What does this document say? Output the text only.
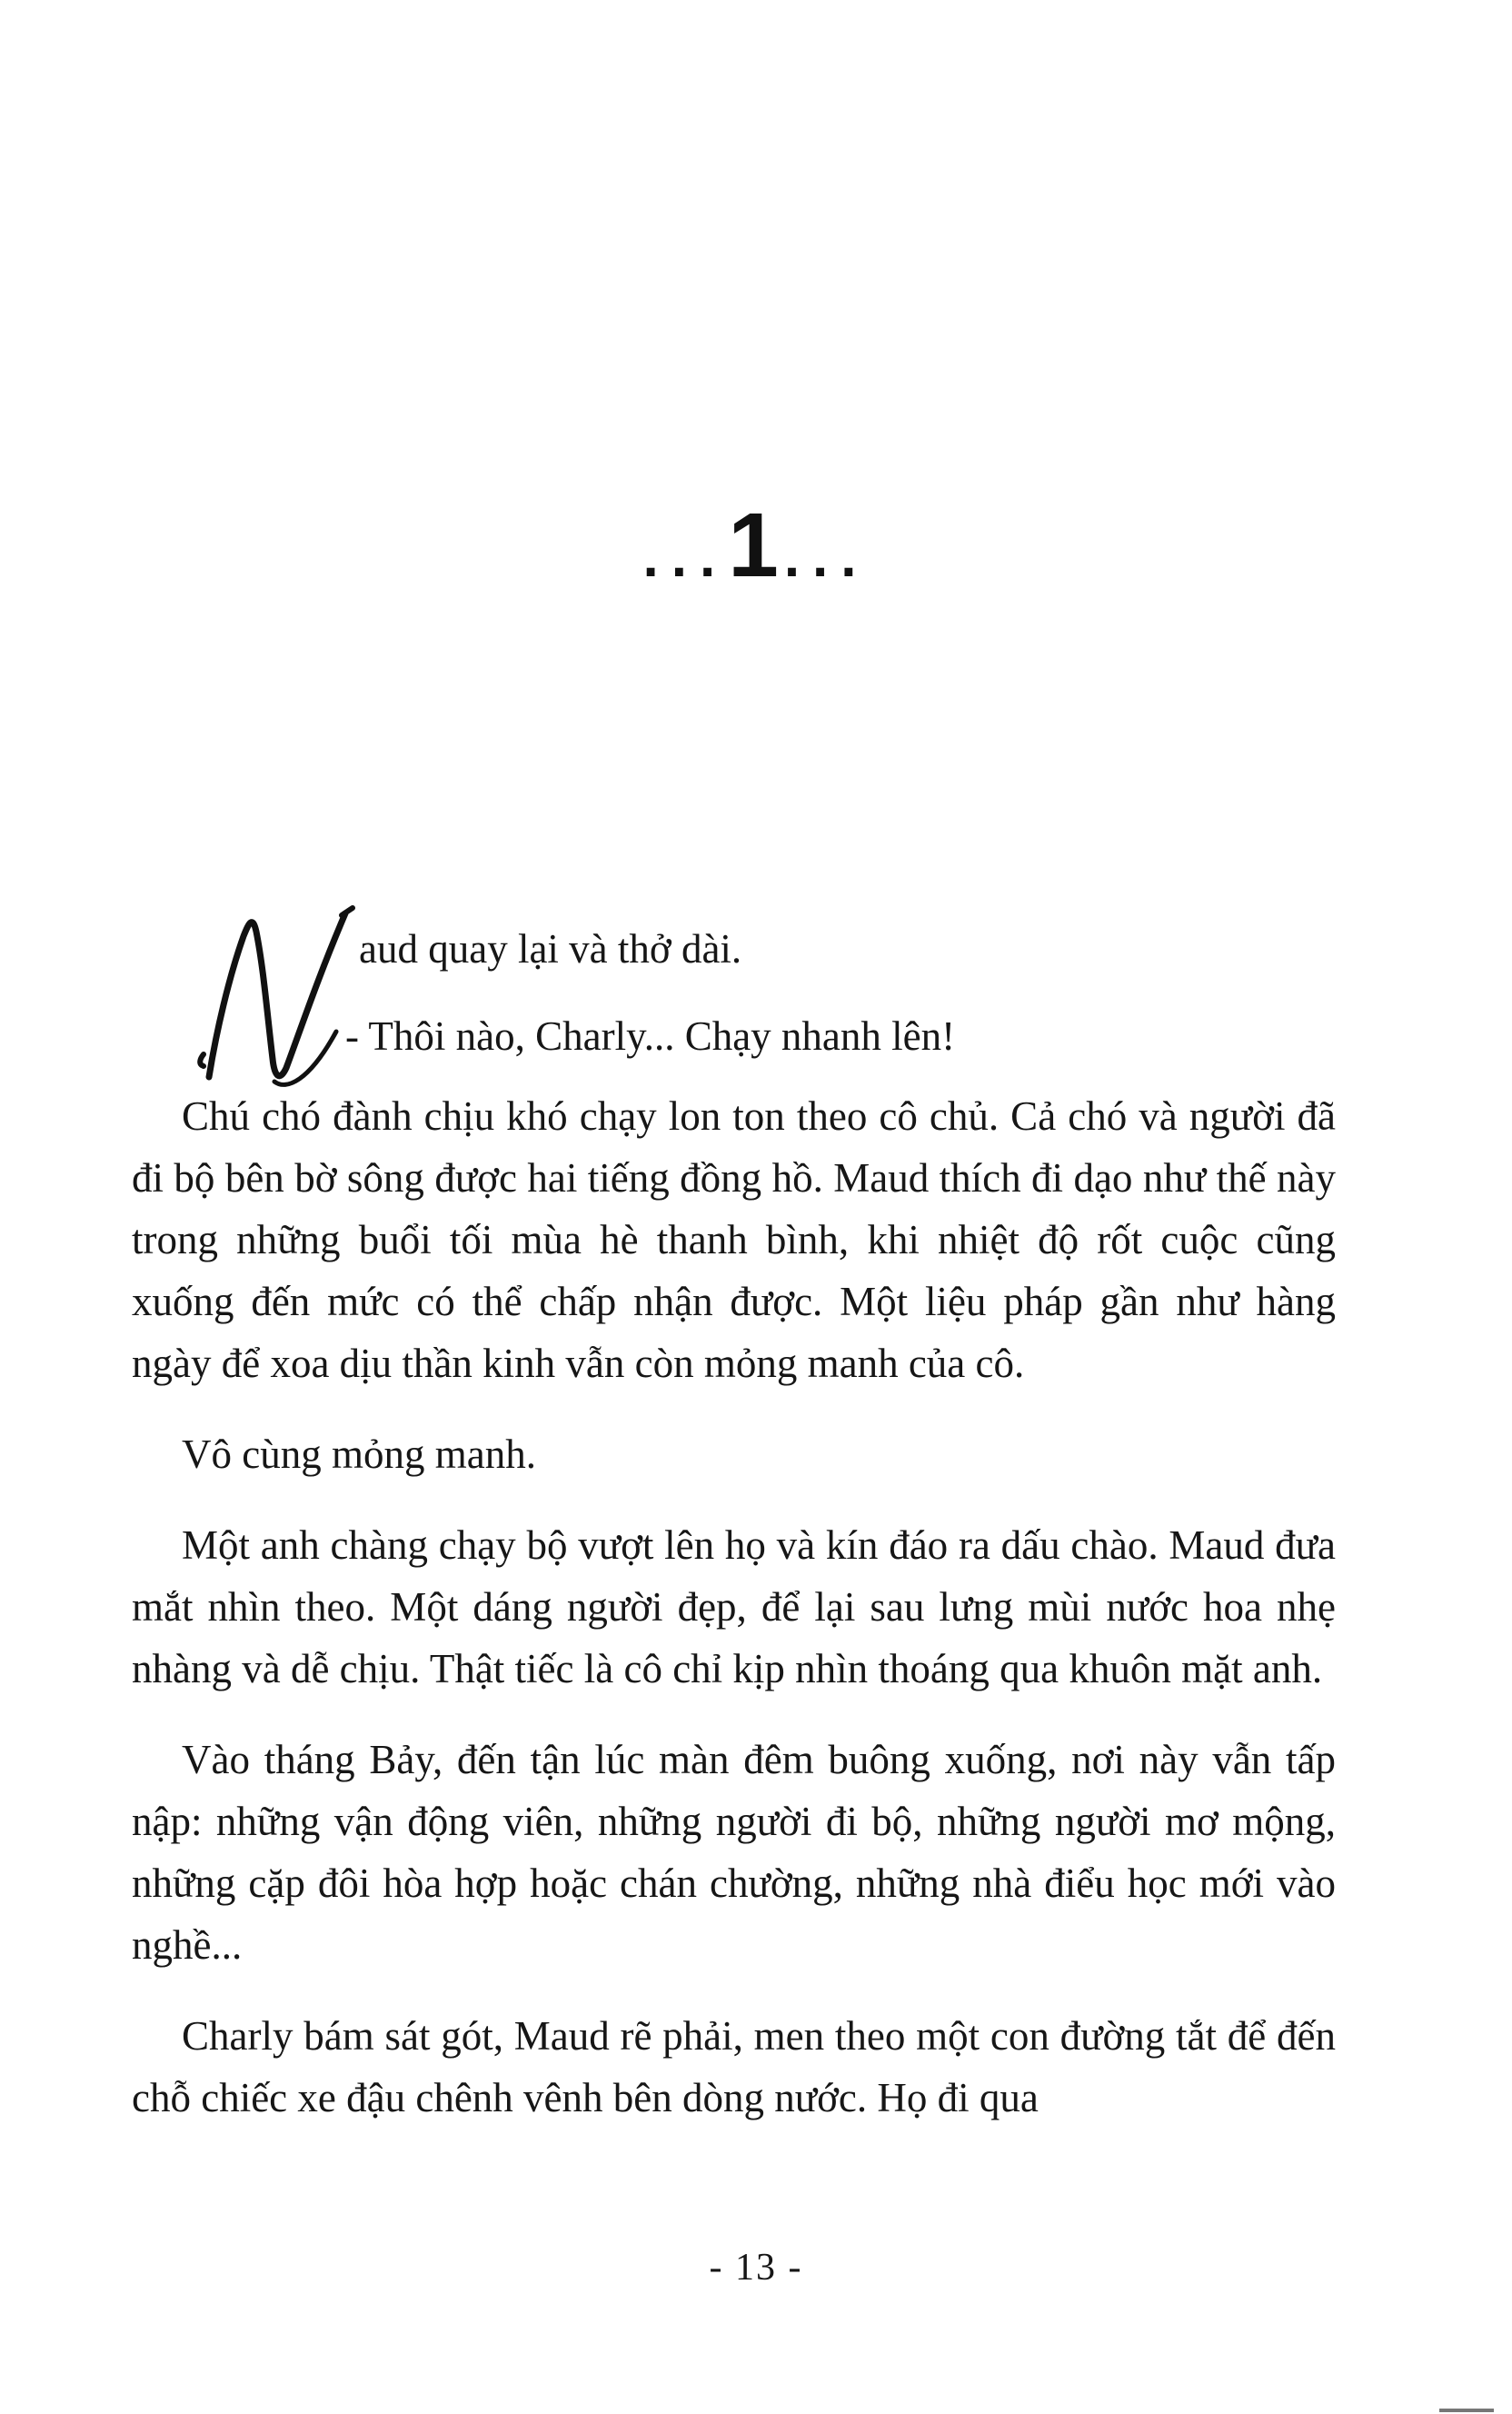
...1...

aud quay lại và thở dài.

- Thôi nào, Charly... Chạy nhanh lên!

Chú chó đành chịu khó chạy lon ton theo cô chủ. Cả chó và người đã đi bộ bên bờ sông được hai tiếng đồng hồ. Maud thích đi dạo như thế này trong những buổi tối mùa hè thanh bình, khi nhiệt độ rốt cuộc cũng xuống đến mức có thể chấp nhận được. Một liệu pháp gần như hàng ngày để xoa dịu thần kinh vẫn còn mỏng manh của cô.

Vô cùng mỏng manh.

Một anh chàng chạy bộ vượt lên họ và kín đáo ra dấu chào. Maud đưa mắt nhìn theo. Một dáng người đẹp, để lại sau lưng mùi nước hoa nhẹ nhàng và dễ chịu. Thật tiếc là cô chỉ kịp nhìn thoáng qua khuôn mặt anh.

Vào tháng Bảy, đến tận lúc màn đêm buông xuống, nơi này vẫn tấp nập: những vận động viên, những người đi bộ, những người mơ mộng, những cặp đôi hòa hợp hoặc chán chường, những nhà điểu học mới vào nghề...

Charly bám sát gót, Maud rẽ phải, men theo một con đường tắt để đến chỗ chiếc xe đậu chênh vênh bên dòng nước. Họ đi qua

- 13 -
